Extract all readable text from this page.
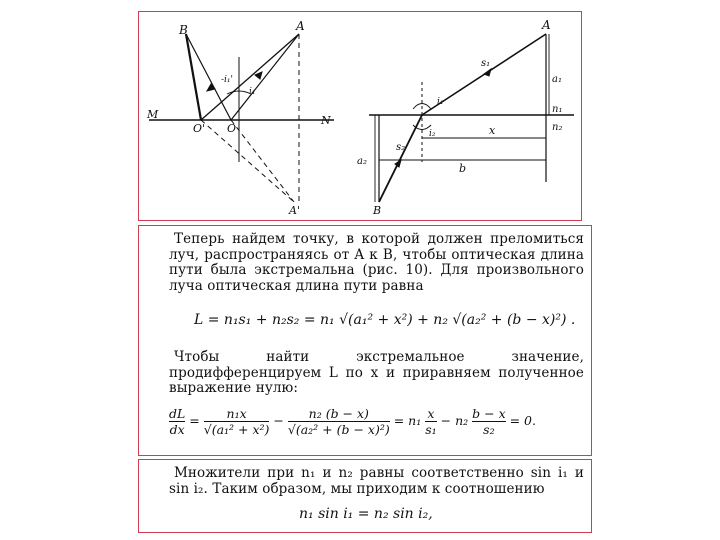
B	A
M
O' O
N
-i₁'
i₁
A'
A
s₁
a₁
i₁
n₁
n₂
i₂
s₂
x
a₂
b
B
Теперь найдем точку, в которой должен преломиться луч, распространяясь от A к B, чтобы оптическая длина пути была экстремальна (рис. 10). Для произвольного луча оптическая длина пути равна
L = n₁s₁ + n₂s₂ = n₁ √(a₁² + x²) + n₂ √(a₂² + (b − x)²) .
Чтобы найти экстремальное значение, продифференцируем L по x и приравняем полученное выражение нулю:
$\frac{dL}{dx} = \frac{\text{n₁x}}{\text{√(a₁² + x²)}} - \frac{\text{n₂ (b − x)}}{\text{√(a₂² + (b − x)²)}} = n_1 \frac{x}{\text{s₁}} - n_2 \frac{b - x}{\text{s₂}} = 0$.
Множители при n₁ и n₂ равны соответственно sin i₁ и sin i₂. Таким образом, мы приходим к соотношению
n₁ sin i₁ = n₂ sin i₂,
